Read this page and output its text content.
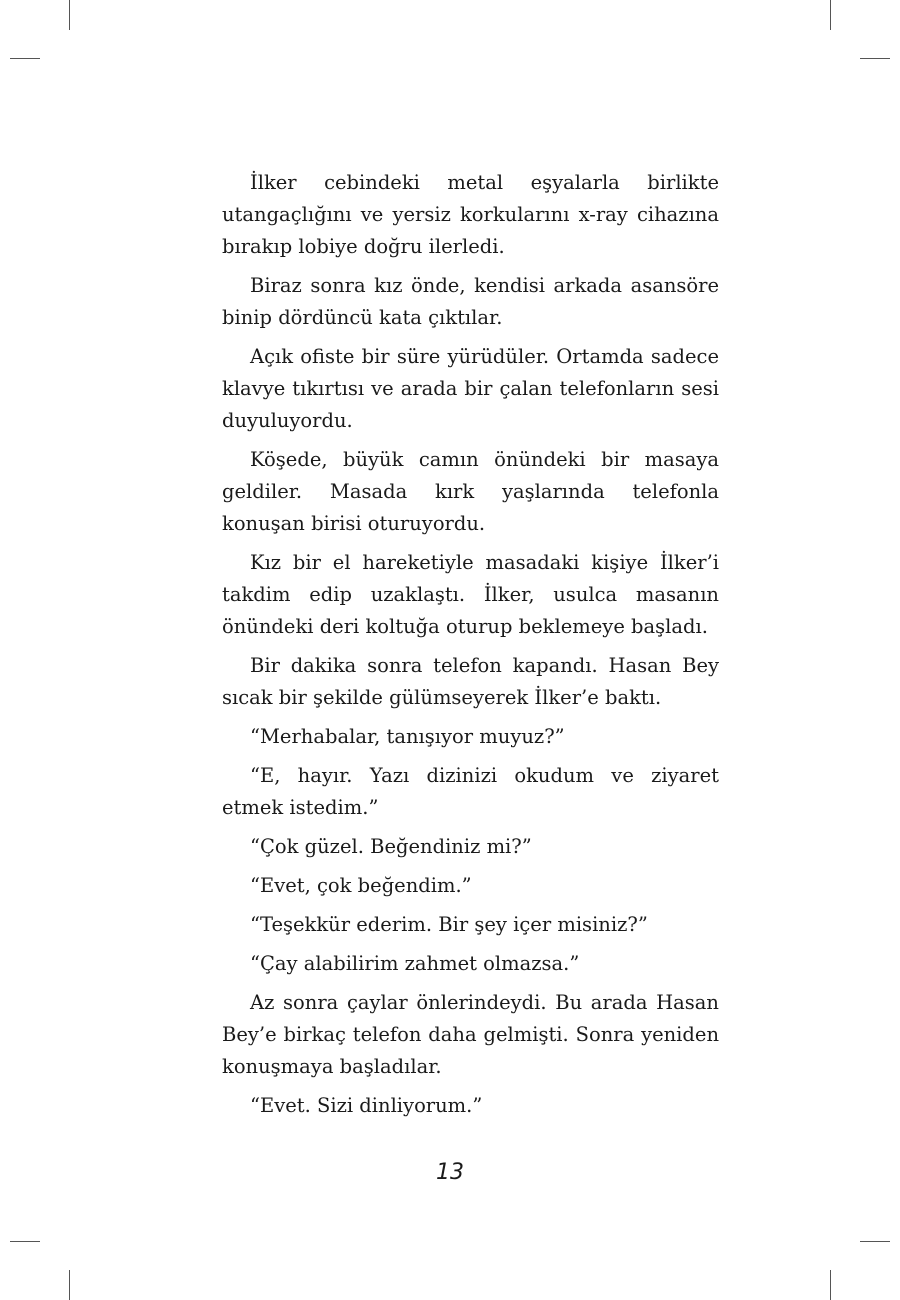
İlker cebindeki metal eşyalarla birlikte utangaçlığını ve yersiz korkularını x-ray cihazına bırakıp lobiye doğru ilerledi.

Biraz sonra kız önde, kendisi arkada asansöre binip dördüncü kata çıktılar.

Açık ofiste bir süre yürüdüler. Ortamda sadece klavye tıkırtısı ve arada bir çalan telefonların sesi duyuluyordu.

Köşede, büyük camın önündeki bir masaya geldiler. Masada kırk yaşlarında telefonla konuşan birisi oturuyordu.

Kız bir el hareketiyle masadaki kişiye İlker’i takdim edip uzaklaştı. İlker, usulca masanın önündeki deri koltuğa oturup beklemeye başladı.

Bir dakika sonra telefon kapandı. Hasan Bey sıcak bir şekilde gülümseyerek İlker’e baktı.

“Merhabalar, tanışıyor muyuz?”

“E, hayır. Yazı dizinizi okudum ve ziyaret etmek istedim.”

“Çok güzel. Beğendiniz mi?”

“Evet, çok beğendim.”

“Teşekkür ederim. Bir şey içer misiniz?”

“Çay alabilirim zahmet olmazsa.”

Az sonra çaylar önlerindeydi. Bu arada Hasan Bey’e birkaç telefon daha gelmişti. Sonra yeniden konuşmaya başladılar.

“Evet. Sizi dinliyorum.”

13
